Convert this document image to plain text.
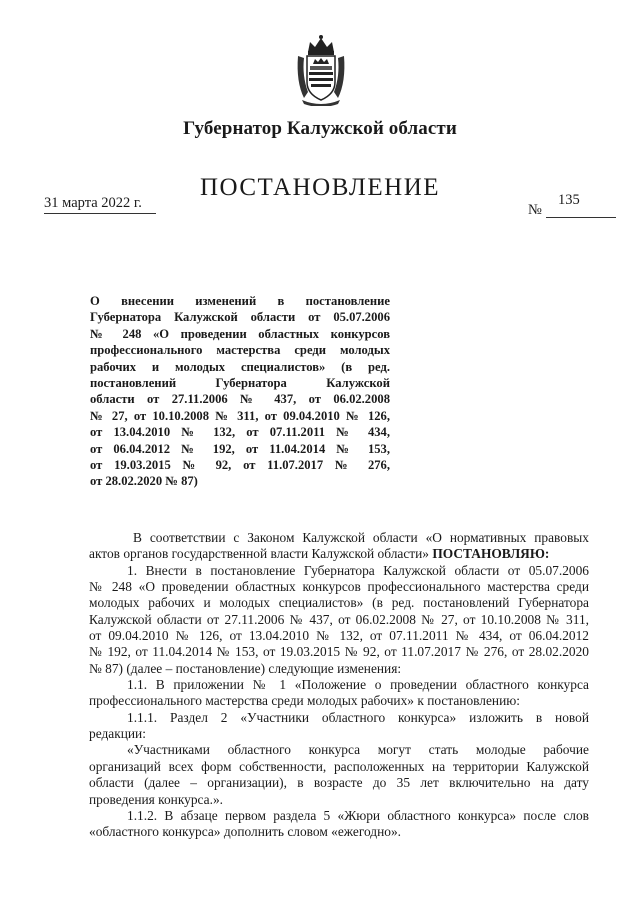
Губернатор Калужской области
ПОСТАНОВЛЕНИЕ
31 марта 2022 г.	№
135
О внесении изменений в постановление
Губернатора Калужской области от 05.07.2006
№ 248 «О проведении областных конкурсов
профессионального мастерства среди молодых
рабочих и молодых специалистов» (в ред.
постановлений Губернатора Калужской
области от 27.11.2006 № 437, от 06.02.2008
№ 27, от 10.10.2008 № 311, от 09.04.2010 № 126,
от 13.04.2010 № 132, от 07.11.2011 № 434,
от 06.04.2012 № 192, от 11.04.2014 № 153,
от 19.03.2015 № 92, от 11.07.2017 № 276,
от 28.02.2020 № 87)
В соответствии с Законом Калужской области «О нормативных правовых
актов органов государственной власти Калужской области» ПОСТАНОВЛЯЮ:
1. Внести в постановление Губернатора Калужской области от 05.07.2006
№ 248 «О проведении областных конкурсов профессионального мастерства среди
молодых рабочих и молодых специалистов» (в ред. постановлений Губернатора
Калужской области от 27.11.2006 № 437, от 06.02.2008 № 27, от 10.10.2008 № 311,
от 09.04.2010 № 126, от 13.04.2010 № 132, от 07.11.2011 № 434, от 06.04.2012
№ 192, от 11.04.2014 № 153, от 19.03.2015 № 92, от 11.07.2017 № 276, от 28.02.2020
№ 87) (далее – постановление) следующие изменения:
1.1. В приложении № 1 «Положение о проведении областного конкурса
профессионального мастерства среди молодых рабочих» к постановлению:
1.1.1. Раздел 2 «Участники областного конкурса» изложить в новой
редакции:
«Участниками областного конкурса могут стать молодые рабочие
организаций всех форм собственности, расположенных на территории Калужской
области (далее – организации), в возрасте до 35 лет включительно на дату
проведения конкурса.».
1.1.2. В абзаце первом раздела 5 «Жюри областного конкурса» после слов
«областного конкурса» дополнить словом «ежегодно».
